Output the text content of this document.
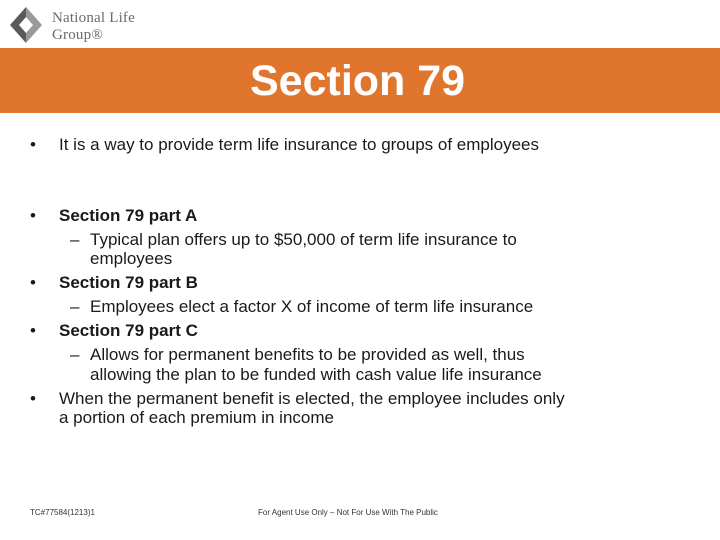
National Life
Group®
Section 79
• It is a way to provide term life insurance to groups of employees
• Section 79 part A
– Typical plan offers up to $50,000 of term life insurance to
employees
• Section 79 part B
– Employees elect a factor X of income of term life insurance
• Section 79 part C
– Allows for permanent benefits to be provided as well, thus
allowing the plan to be funded with cash value life insurance
• When the permanent benefit is elected, the employee includes only
a portion of each premium in income
TC#77584(1213)1	For Agent Use Only – Not For Use With The Public
